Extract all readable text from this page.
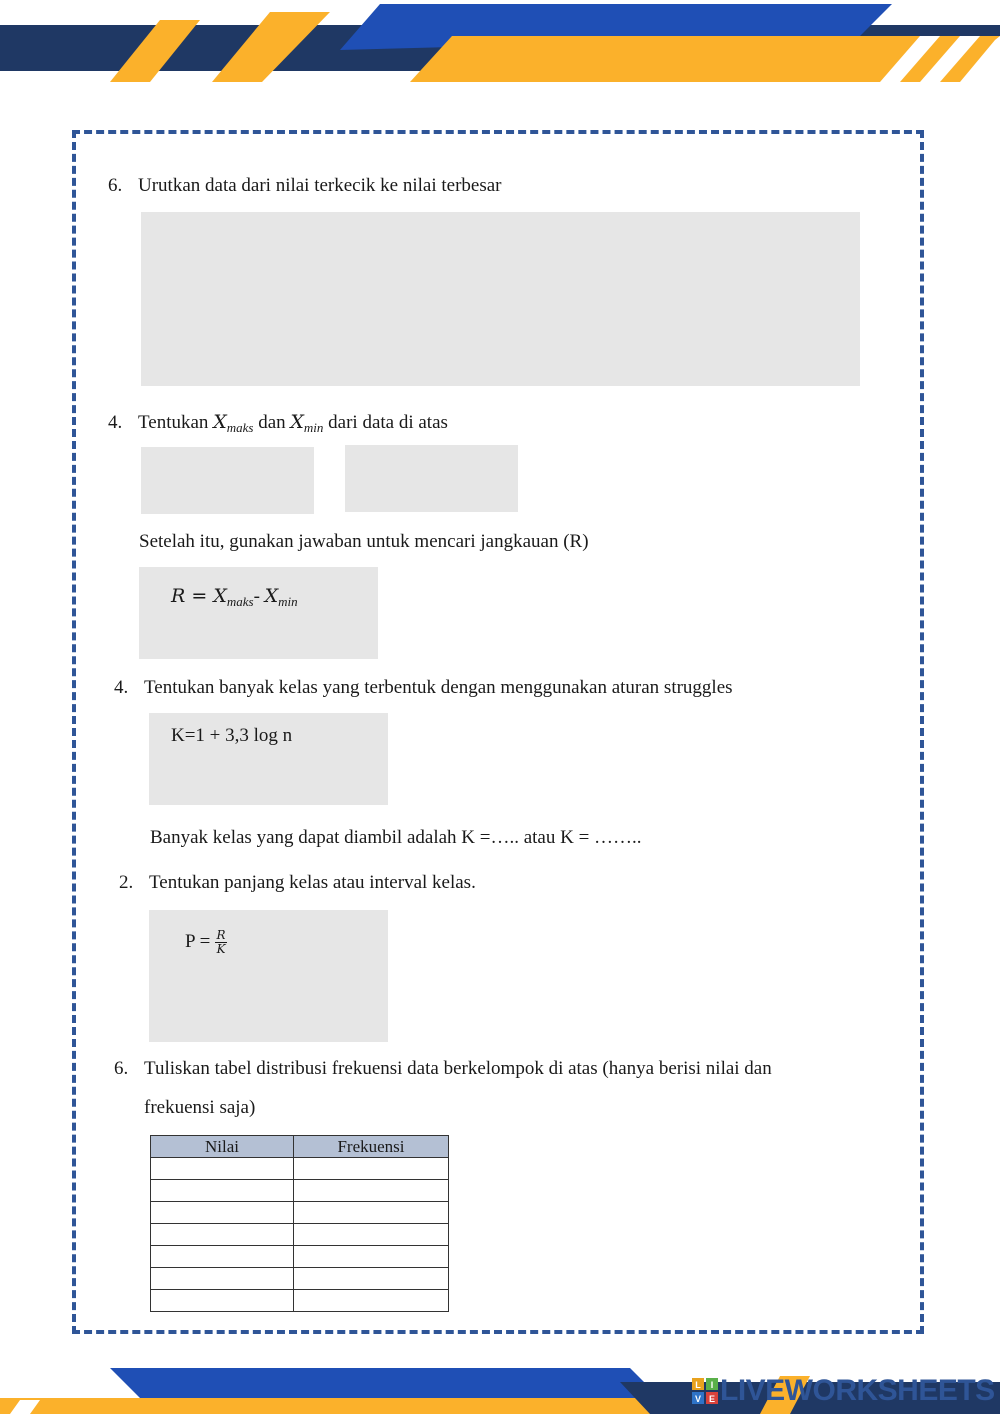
6. Urutkan data dari nilai terkecik ke nilai terbesar
4. Tentukan $X_{maks}$ dan $X_{min}$ dari data di atas
Setelah itu, gunakan jawaban untuk mencari jangkauan (R)
$R = X_{maks}-$ $X_{min}$
4. Tentukan banyak kelas yang terbentuk dengan menggunakan aturan struggles
K=1 + 3,3 log n
Banyak kelas yang dapat diambil adalah K =….. atau K = ……..
2. Tentukan panjang kelas atau interval kelas.
$P = \frac{R}{K}$
6. Tuliskan tabel distribusi frekuensi data berkelompok di atas (hanya berisi nilai dan
frekuensi saja)
Nilai	Frekuensi

L I
V E LIVEWORKSHEETS
